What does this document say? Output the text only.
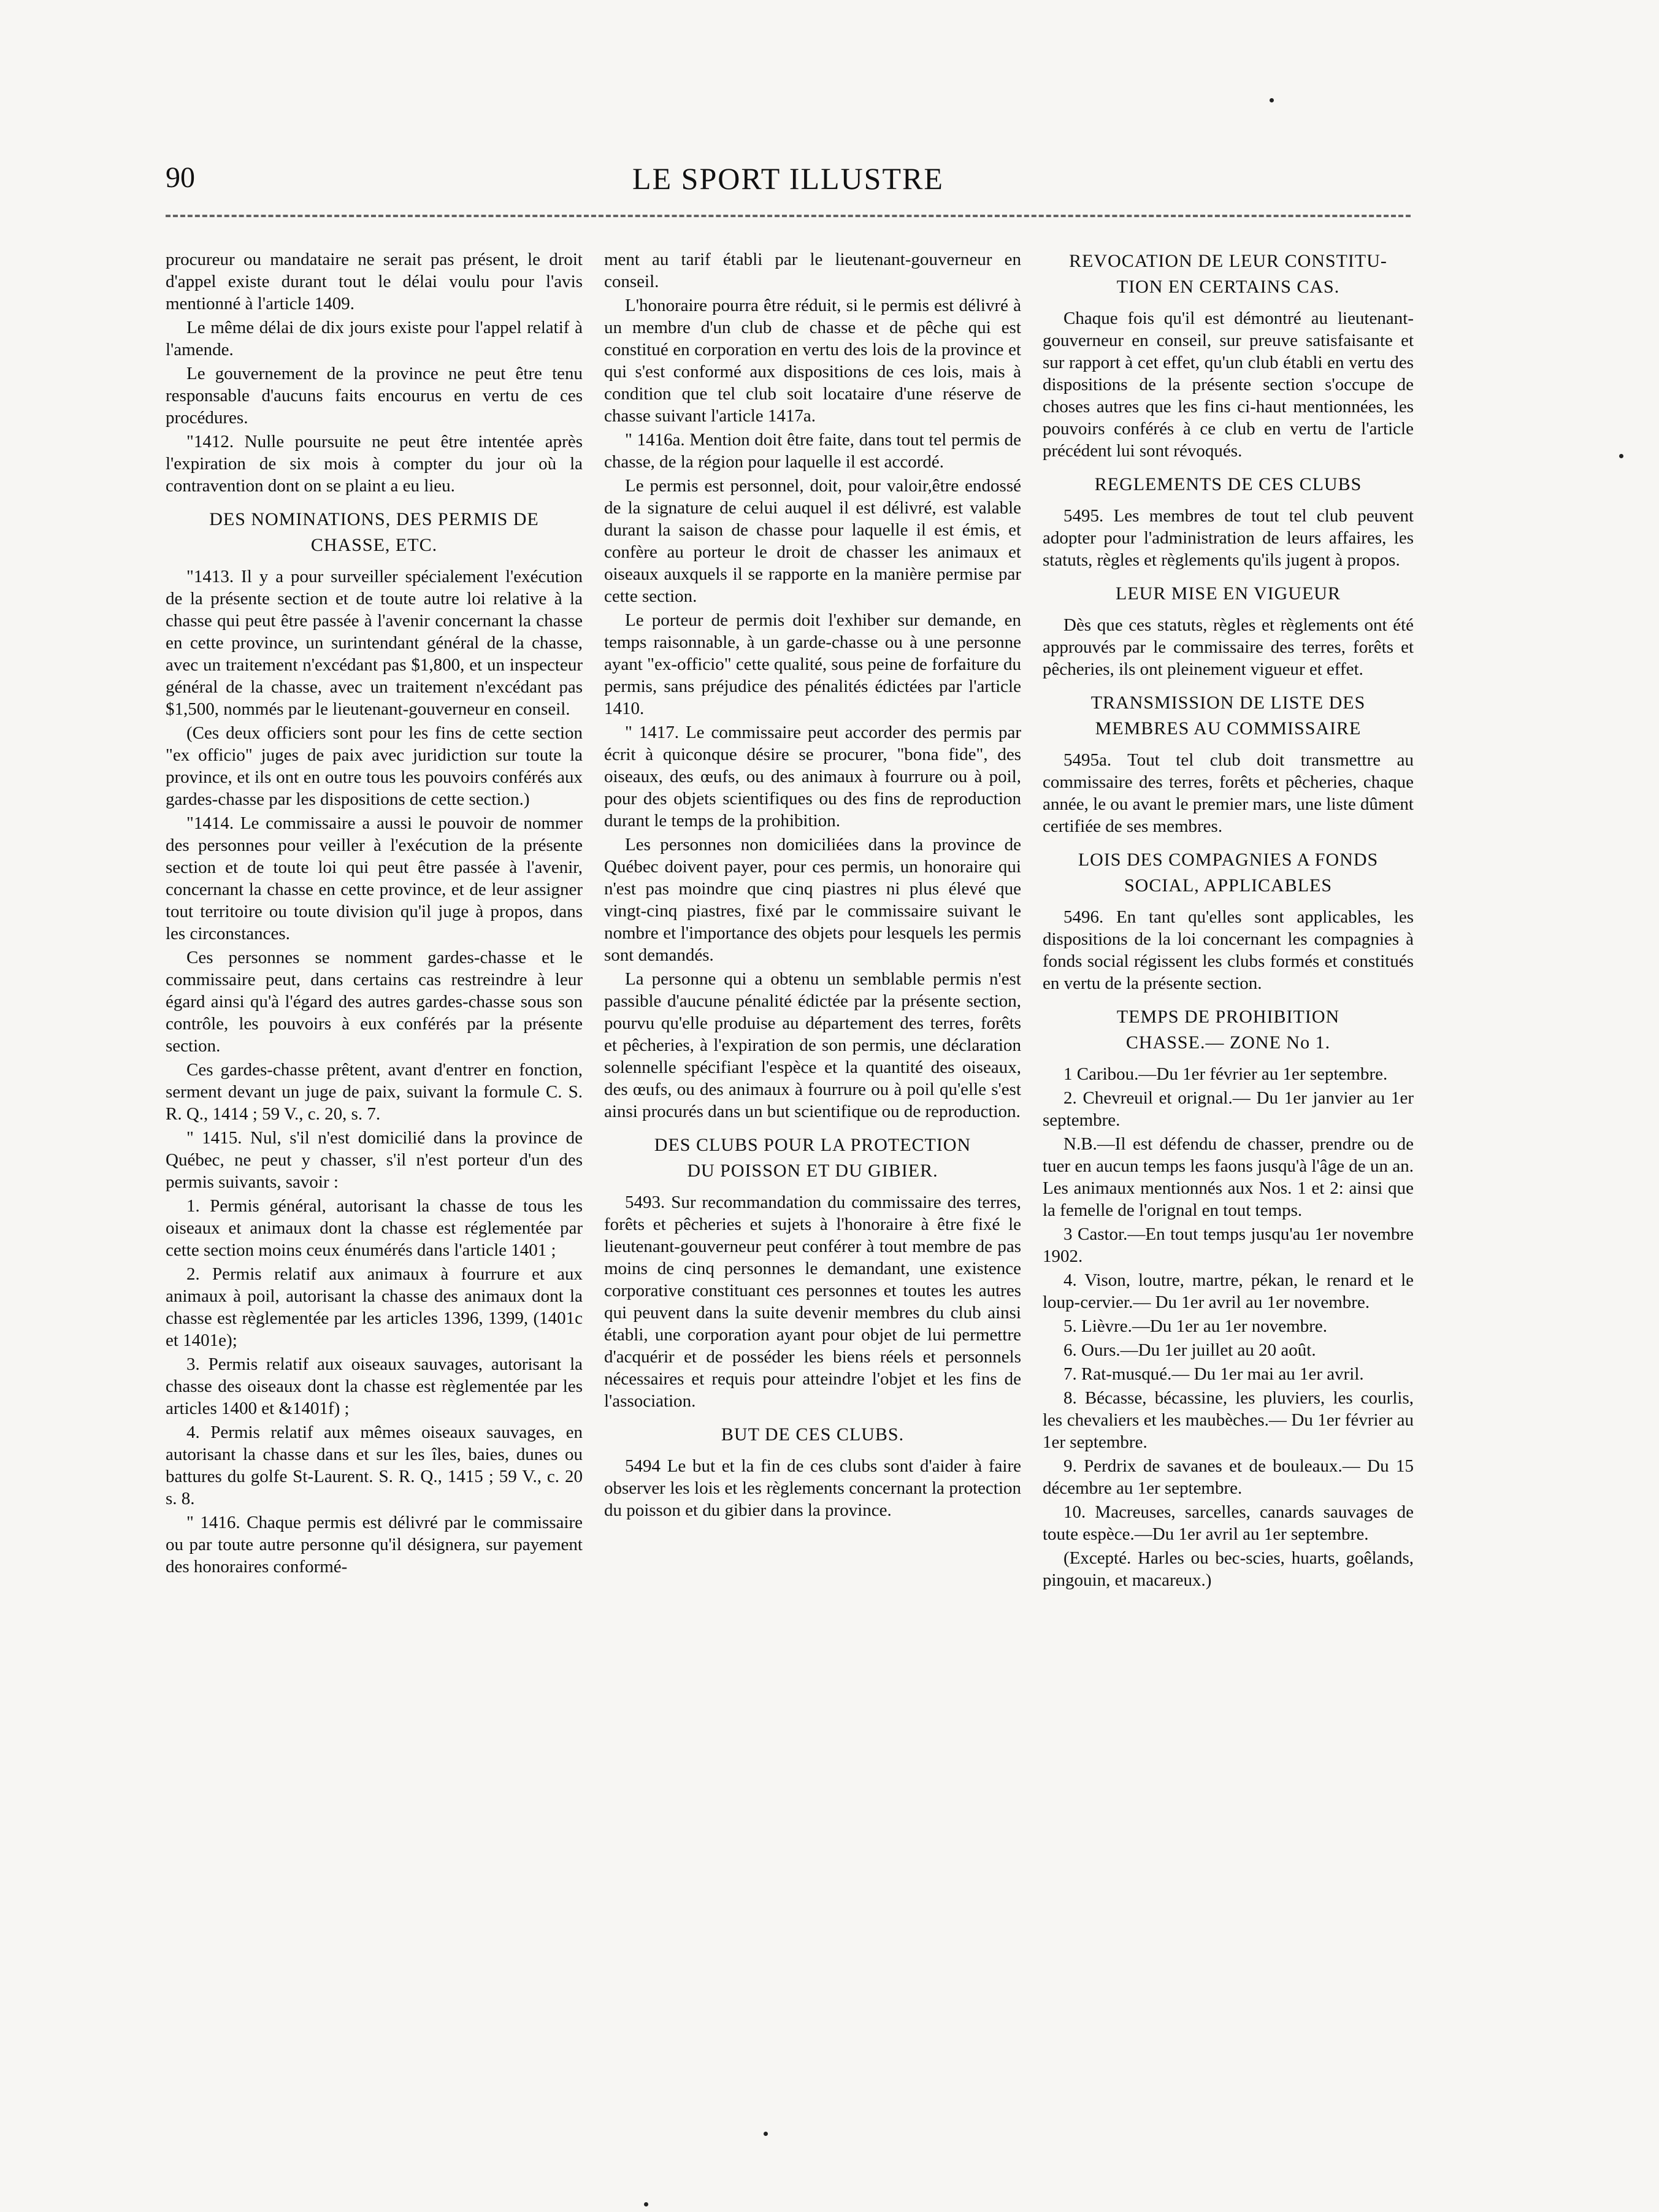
90	LE SPORT ILLUSTRE

procureur ou mandataire ne serait pas présent, le droit d'appel existe durant tout le délai voulu pour l'avis mentionné à l'article 1409.

Le même délai de dix jours existe pour l'appel relatif à l'amende.

Le gouvernement de la province ne peut être tenu responsable d'aucuns faits encourus en vertu de ces procédures.

"1412. Nulle poursuite ne peut être intentée après l'expiration de six mois à compter du jour où la contravention dont on se plaint a eu lieu.

DES NOMINATIONS, DES PERMIS DE
CHASSE, ETC.

"1413. Il y a pour surveiller spécialement l'exécution de la présente section et de toute autre loi relative à la chasse qui peut être passée à l'avenir concernant la chasse en cette province, un surintendant général de la chasse, avec un traitement n'excédant pas $1,800, et un inspecteur général de la chasse, avec un traitement n'excédant pas $1,500, nommés par le lieutenant-gouverneur en conseil.

(Ces deux officiers sont pour les fins de cette section "ex officio" juges de paix avec juridiction sur toute la province, et ils ont en outre tous les pouvoirs conférés aux gardes-chasse par les dispositions de cette section.)

"1414. Le commissaire a aussi le pouvoir de nommer des personnes pour veiller à l'exécution de la présente section et de toute loi qui peut être passée à l'avenir, concernant la chasse en cette province, et de leur assigner tout territoire ou toute division qu'il juge à propos, dans les circonstances.

Ces personnes se nomment gardes-chasse et le commissaire peut, dans certains cas restreindre à leur égard ainsi qu'à l'égard des autres gardes-chasse sous son contrôle, les pouvoirs à eux conférés par la présente section.

Ces gardes-chasse prêtent, avant d'entrer en fonction, serment devant un juge de paix, suivant la formule C. S. R. Q., 1414 ; 59 V., c. 20, s. 7.

" 1415. Nul, s'il n'est domicilié dans la province de Québec, ne peut y chasser, s'il n'est porteur d'un des permis suivants, savoir :

1. Permis général, autorisant la chasse de tous les oiseaux et animaux dont la chasse est réglementée par cette section moins ceux énumérés dans l'article 1401 ;

2. Permis relatif aux animaux à fourrure et aux animaux à poil, autorisant la chasse des animaux dont la chasse est règlementée par les articles 1396, 1399, (1401c et 1401e);

3. Permis relatif aux oiseaux sauvages, autorisant la chasse des oiseaux dont la chasse est règlementée par les articles 1400 et &1401f) ;

4. Permis relatif aux mêmes oiseaux sauvages, en autorisant la chasse dans et sur les îles, baies, dunes ou battures du golfe St-Laurent. S. R. Q., 1415 ; 59 V., c. 20 s. 8.

" 1416. Chaque permis est délivré par le commissaire ou par toute autre personne qu'il désignera, sur payement des honoraires conformé-

ment au tarif établi par le lieutenant-gouverneur en conseil.

L'honoraire pourra être réduit, si le permis est délivré à un membre d'un club de chasse et de pêche qui est constitué en corporation en vertu des lois de la province et qui s'est conformé aux dispositions de ces lois, mais à condition que tel club soit locataire d'une réserve de chasse suivant l'article 1417a.

" 1416a. Mention doit être faite, dans tout tel permis de chasse, de la région pour laquelle il est accordé.

Le permis est personnel, doit, pour valoir,être endossé de la signature de celui auquel il est délivré, est valable durant la saison de chasse pour laquelle il est émis, et confère au porteur le droit de chasser les animaux et oiseaux auxquels il se rapporte en la manière permise par cette section.

Le porteur de permis doit l'exhiber sur demande, en temps raisonnable, à un garde-chasse ou à une personne ayant "ex-officio" cette qualité, sous peine de forfaiture du permis, sans préjudice des pénalités édictées par l'article 1410.

" 1417. Le commissaire peut accorder des permis par écrit à quiconque désire se procurer, "bona fide", des oiseaux, des œufs, ou des animaux à fourrure ou à poil, pour des objets scientifiques ou des fins de reproduction durant le temps de la prohibition.

Les personnes non domiciliées dans la province de Québec doivent payer, pour ces permis, un honoraire qui n'est pas moindre que cinq piastres ni plus élevé que vingt-cinq piastres, fixé par le commissaire suivant le nombre et l'importance des objets pour lesquels les permis sont demandés.

La personne qui a obtenu un semblable permis n'est passible d'aucune pénalité édictée par la présente section, pourvu qu'elle produise au département des terres, forêts et pêcheries, à l'expiration de son permis, une déclaration solennelle spécifiant l'espèce et la quantité des oiseaux, des œufs, ou des animaux à fourrure ou à poil qu'elle s'est ainsi procurés dans un but scientifique ou de reproduction.

DES CLUBS POUR LA PROTECTION
DU POISSON ET DU GIBIER.

5493. Sur recommandation du commissaire des terres, forêts et pêcheries et sujets à l'honoraire à être fixé le lieutenant-gouverneur peut conférer à tout membre de pas moins de cinq personnes le demandant, une existence corporative constituant ces personnes et toutes les autres qui peuvent dans la suite devenir membres du club ainsi établi, une corporation ayant pour objet de lui permettre d'acquérir et de posséder les biens réels et personnels nécessaires et requis pour atteindre l'objet et les fins de l'association.

BUT DE CES CLUBS.

5494 Le but et la fin de ces clubs sont d'aider à faire observer les lois et les règlements concernant la protection du poisson et du gibier dans la province.

REVOCATION DE LEUR CONSTITU-
TION EN CERTAINS CAS.

Chaque fois qu'il est démontré au lieutenant-gouverneur en conseil, sur preuve satisfaisante et sur rapport à cet effet, qu'un club établi en vertu des dispositions de la présente section s'occupe de choses autres que les fins ci-haut mentionnées, les pouvoirs conférés à ce club en vertu de l'article précédent lui sont révoqués.

REGLEMENTS DE CES CLUBS

5495. Les membres de tout tel club peuvent adopter pour l'administration de leurs affaires, les statuts, règles et règlements qu'ils jugent à propos.

LEUR MISE EN VIGUEUR

Dès que ces statuts, règles et règlements ont été approuvés par le commissaire des terres, forêts et pêcheries, ils ont pleinement vigueur et effet.

TRANSMISSION DE LISTE DES
MEMBRES AU COMMISSAIRE

5495a. Tout tel club doit transmettre au commissaire des terres, forêts et pêcheries, chaque année, le ou avant le premier mars, une liste dûment certifiée de ses membres.

LOIS DES COMPAGNIES A FONDS
SOCIAL, APPLICABLES

5496. En tant qu'elles sont applicables, les dispositions de la loi concernant les compagnies à fonds social régissent les clubs formés et constitués en vertu de la présente section.

TEMPS DE PROHIBITION
CHASSE.— ZONE No 1.

1 Caribou.—Du 1er février au 1er septembre.

2. Chevreuil et orignal.— Du 1er janvier au 1er septembre.

N.B.—Il est défendu de chasser, prendre ou de tuer en aucun temps les faons jusqu'à l'âge de un an. Les animaux mentionnés aux Nos. 1 et 2: ainsi que la femelle de l'orignal en tout temps.

3 Castor.—En tout temps jusqu'au 1er novembre 1902.

4. Vison, loutre, martre, pékan, le renard et le loup-cervier.— Du 1er avril au 1er novembre.

5. Lièvre.—Du 1er au 1er novembre.

6. Ours.—Du 1er juillet au 20 août.

7. Rat-musqué.— Du 1er mai au 1er avril.

8. Bécasse, bécassine, les pluviers, les courlis, les chevaliers et les maubèches.— Du 1er février au 1er septembre.

9. Perdrix de savanes et de bouleaux.— Du 15 décembre au 1er septembre.

10. Macreuses, sarcelles, canards sauvages de toute espèce.—Du 1er avril au 1er septembre.

(Excepté. Harles ou bec-scies, huarts, goêlands, pingouin, et macareux.)
